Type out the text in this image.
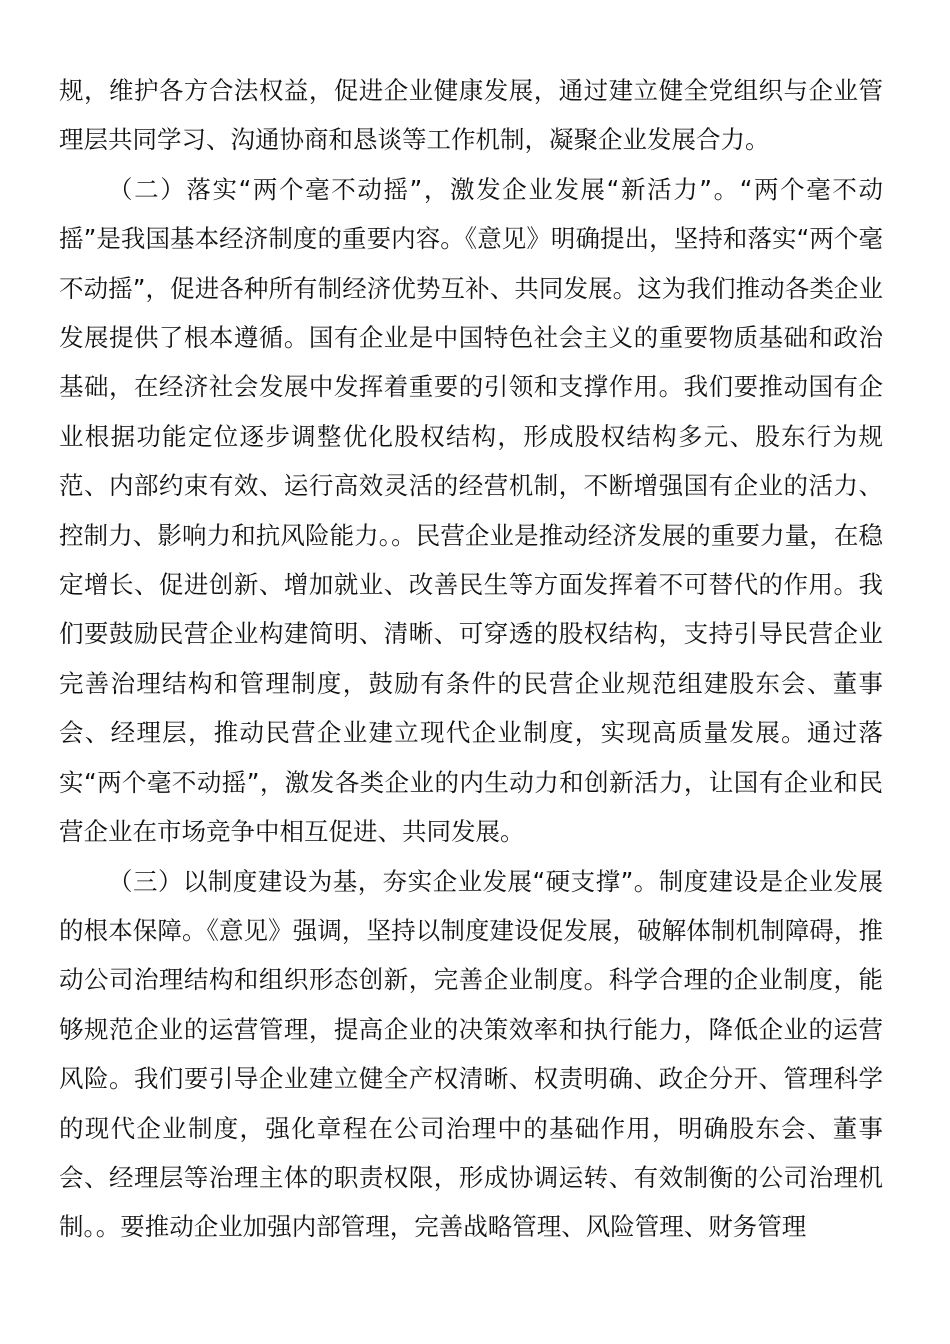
规，维护各方合法权益，促进企业健康发展，通过建立健全党组织与企业管理层共同学习、沟通协商和恳谈等工作机制，凝聚企业发展合力。

（二）落实“两个毫不动摇”，激发企业发展“新活力”。“两个毫不动摇”是我国基本经济制度的重要内容。《意见》明确提出，坚持和落实“两个毫不动摇”，促进各种所有制经济优势互补、共同发展。这为我们推动各类企业发展提供了根本遵循。国有企业是中国特色社会主义的重要物质基础和政治基础，在经济社会发展中发挥着重要的引领和支撑作用。我们要推动国有企业根据功能定位逐步调整优化股权结构，形成股权结构多元、股东行为规范、内部约束有效、运行高效灵活的经营机制，不断增强国有企业的活力、控制力、影响力和抗风险能力。。民营企业是推动经济发展的重要力量，在稳定增长、促进创新、增加就业、改善民生等方面发挥着不可替代的作用。我们要鼓励民营企业构建简明、清晰、可穿透的股权结构，支持引导民营企业完善治理结构和管理制度，鼓励有条件的民营企业规范组建股东会、董事会、经理层，推动民营企业建立现代企业制度，实现高质量发展。通过落实“两个毫不动摇”，激发各类企业的内生动力和创新活力，让国有企业和民营企业在市场竞争中相互促进、共同发展。

（三）以制度建设为基，夯实企业发展“硬支撑”。制度建设是企业发展的根本保障。《意见》强调，坚持以制度建设促发展，破解体制机制障碍，推动公司治理结构和组织形态创新，完善企业制度。科学合理的企业制度，能够规范企业的运营管理，提高企业的决策效率和执行能力，降低企业的运营风险。我们要引导企业建立健全产权清晰、权责明确、政企分开、管理科学的现代企业制度，强化章程在公司治理中的基础作用，明确股东会、董事会、经理层等治理主体的职责权限，形成协调运转、有效制衡的公司治理机制。。要推动企业加强内部管理，完善战略管理、风险管理、财务管理
